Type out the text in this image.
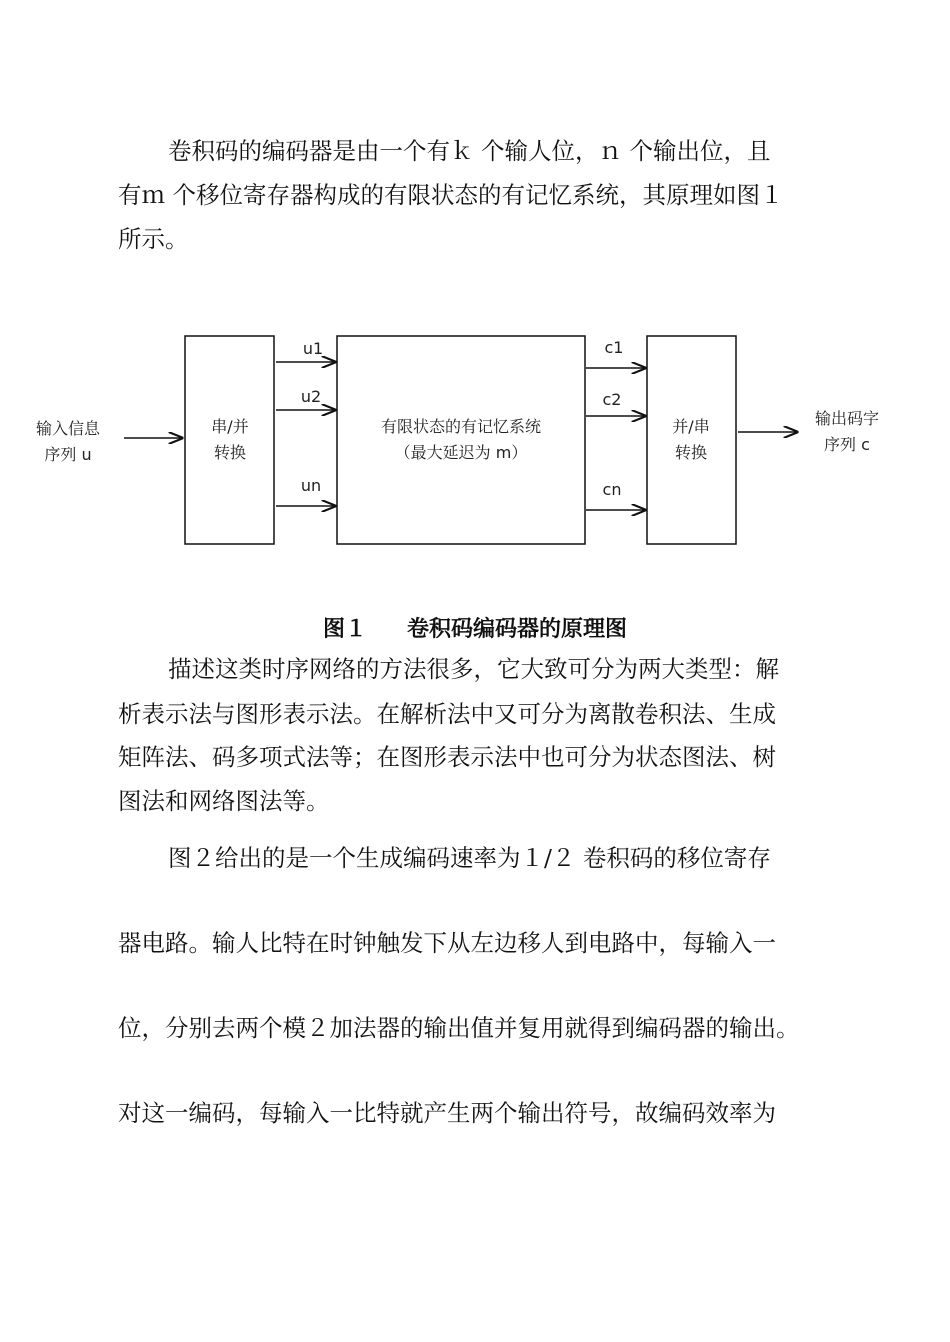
卷积码的编码器是由一个有ｋ 个输人位，ｎ 个输出位，且
有ｍ 个移位寄存器构成的有限状态的有记忆系统，其原理如图１
所示。
输入信息
序列 u
串/并
转换
u1
u2
un
有限状态的有记忆系统
（最大延迟为 m）
c1
c2
cn
并/串
转换
输出码字
序列 c
图１ 卷积码编码器的原理图
描述这类时序网络的方法很多，它大致可分为两大类型：解
析表示法与图形表示法。在解析法中又可分为离散卷积法、生成
矩阵法、码多项式法等；在图形表示法中也可分为状态图法、树
图法和网络图法等。
图２给出的是一个生成编码速率为１/２ 卷积码的移位寄存
器电路。输人比特在时钟触发下从左边移人到电路中，每输入一
位，分别去两个模２加法器的输出值并复用就得到编码器的输出。
对这一编码，每输入一比特就产生两个输出符号，故编码效率为
